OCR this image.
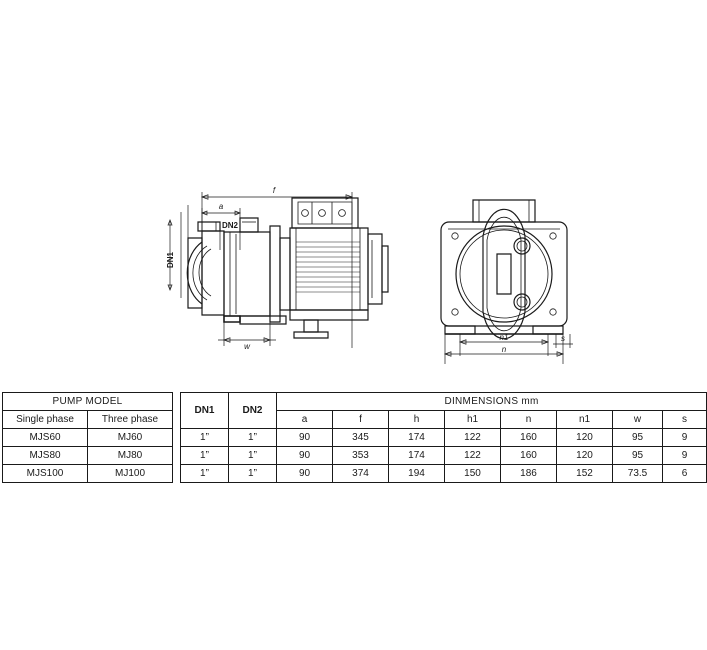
f
a
DN2
DN1
w
n1
n
s
PUMP MODEL			DN1	DN2	DINMENSIONS mm							
Single phase	Three phase				a	f	h	h1	n	n1	w	s
MJS60	MJ60		1”	1”	90	345	174	122	160	120	95	9
MJS80	MJ80		1”	1”	90	353	174	122	160	120	95	9
MJS100	MJ100		1”	1”	90	374	194	150	186	152	73.5	6
